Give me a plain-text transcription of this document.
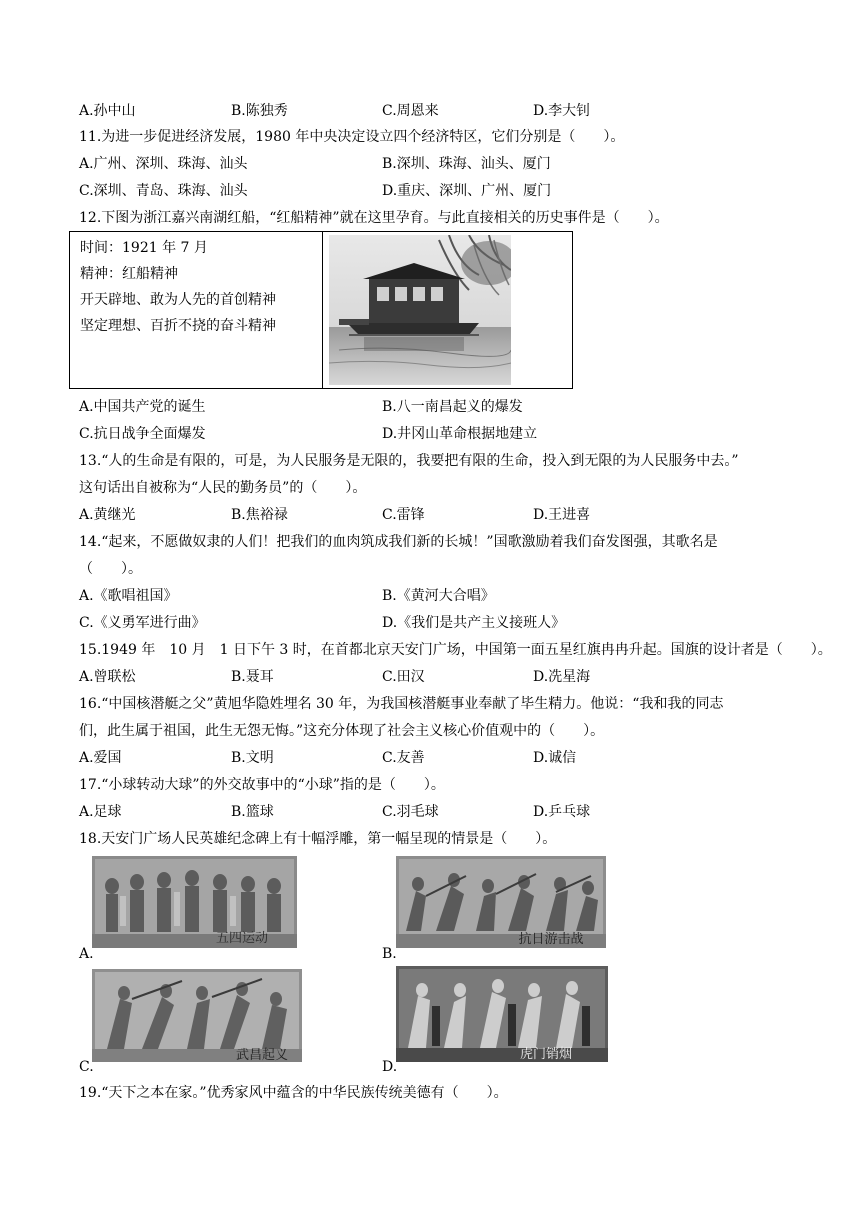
A.孙中山	B.陈独秀	C.周恩来	D.李大钊
11.为进一步促进经济发展，1980 年中央决定设立四个经济特区，它们分别是（　　）。
A.广州、深圳、珠海、汕头	B.深圳、珠海、汕头、厦门
C.深圳、青岛、珠海、汕头	D.重庆、深圳、广州、厦门
12.下图为浙江嘉兴南湖红船，“红船精神”就在这里孕育。与此直接相关的历史事件是（　　）。
时间：1921 年 7 月
精神：红船精神
开天辟地、敢为人先的首创精神
坚定理想、百折不挠的奋斗精神
A.中国共产党的诞生	B.八一南昌起义的爆发
C.抗日战争全面爆发	D.井冈山革命根据地建立
13.“人的生命是有限的，可是，为人民服务是无限的，我要把有限的生命，投入到无限的为人民服务中去。”
这句话出自被称为“人民的勤务员”的（　　）。
A.黄继光	B.焦裕禄	C.雷锋	D.王进喜
14.“起来，不愿做奴隶的人们！把我们的血肉筑成我们新的长城！”国歌激励着我们奋发图强，其歌名是
（　　）。
A.《歌唱祖国》	B.《黄河大合唱》
C.《义勇军进行曲》	D.《我们是共产主义接班人》
15.1949 年　10 月　1 日下午 3 时，在首都北京天安门广场，中国第一面五星红旗冉冉升起。国旗的设计者是（　　）。
A.曾联松	B.聂耳	C.田汉	D.冼星海
16.“中国核潜艇之父”黄旭华隐姓埋名 30 年，为我国核潜艇事业奉献了毕生精力。他说：“我和我的同志
们，此生属于祖国，此生无怨无悔。”这充分体现了社会主义核心价值观中的（　　）。
A.爱国	B.文明	C.友善	D.诚信
17.“小球转动大球”的外交故事中的“小球”指的是（　　）。
A.足球	B.篮球	C.羽毛球	D.乒乓球
18.天安门广场人民英雄纪念碑上有十幅浮雕，第一幅呈现的情景是（　　）。
五四运动
A.
抗日游击战
B.
武昌起义
C.
虎门销烟
D.
19.“天下之本在家。”优秀家风中蕴含的中华民族传统美德有（　　）。
